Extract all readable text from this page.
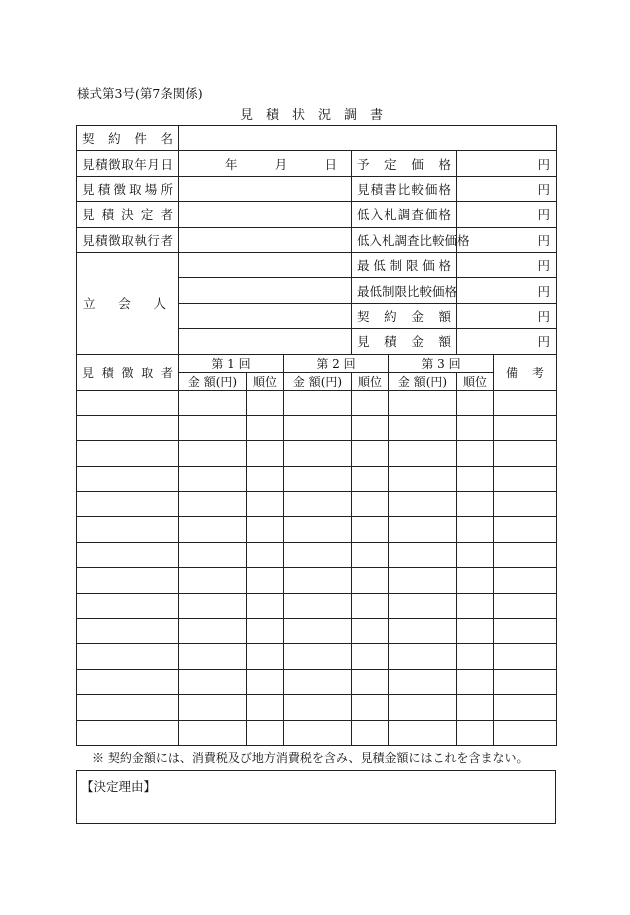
様式第3号(第7条関係)
見積状況調書
契約件名							
見積徴取年月日	年 月 日			予定価格		円	
見積徴取場所				見積書比較価格		円	
見積決定者				低入札調査価格		円	
見積徴取執行者				低入札調査比較価格		円	
立会人				最低制限価格		円	
				最低制限比較価格		円	
				契約金額		円	
				見積金額		円	
見積徴取者	第 1 回		第 2 回		第 3 回		備考
	金 額(円)	順位	金 額(円)	順位	金 額(円)	順位	

※ 契約金額には、消費税及び地方消費税を含み、見積金額にはこれを含まない。
【決定理由】
